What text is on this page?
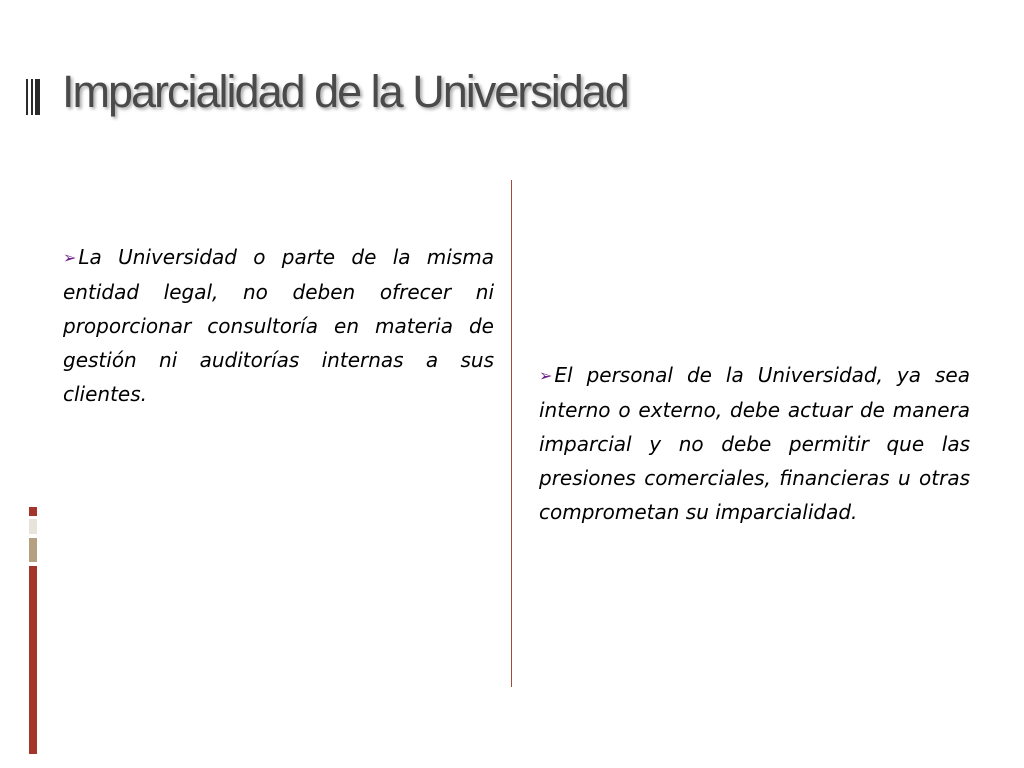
Imparcialidad de la Universidad

➢ La Universidad o parte de la misma entidad legal, no deben ofrecer ni proporcionar consultoría en materia de gestión ni auditorías internas a sus clientes.

➢ El personal de la Universidad, ya sea interno o externo, debe actuar de manera imparcial y no debe permitir que las presiones comerciales, financieras u otras comprometan su imparcialidad.
